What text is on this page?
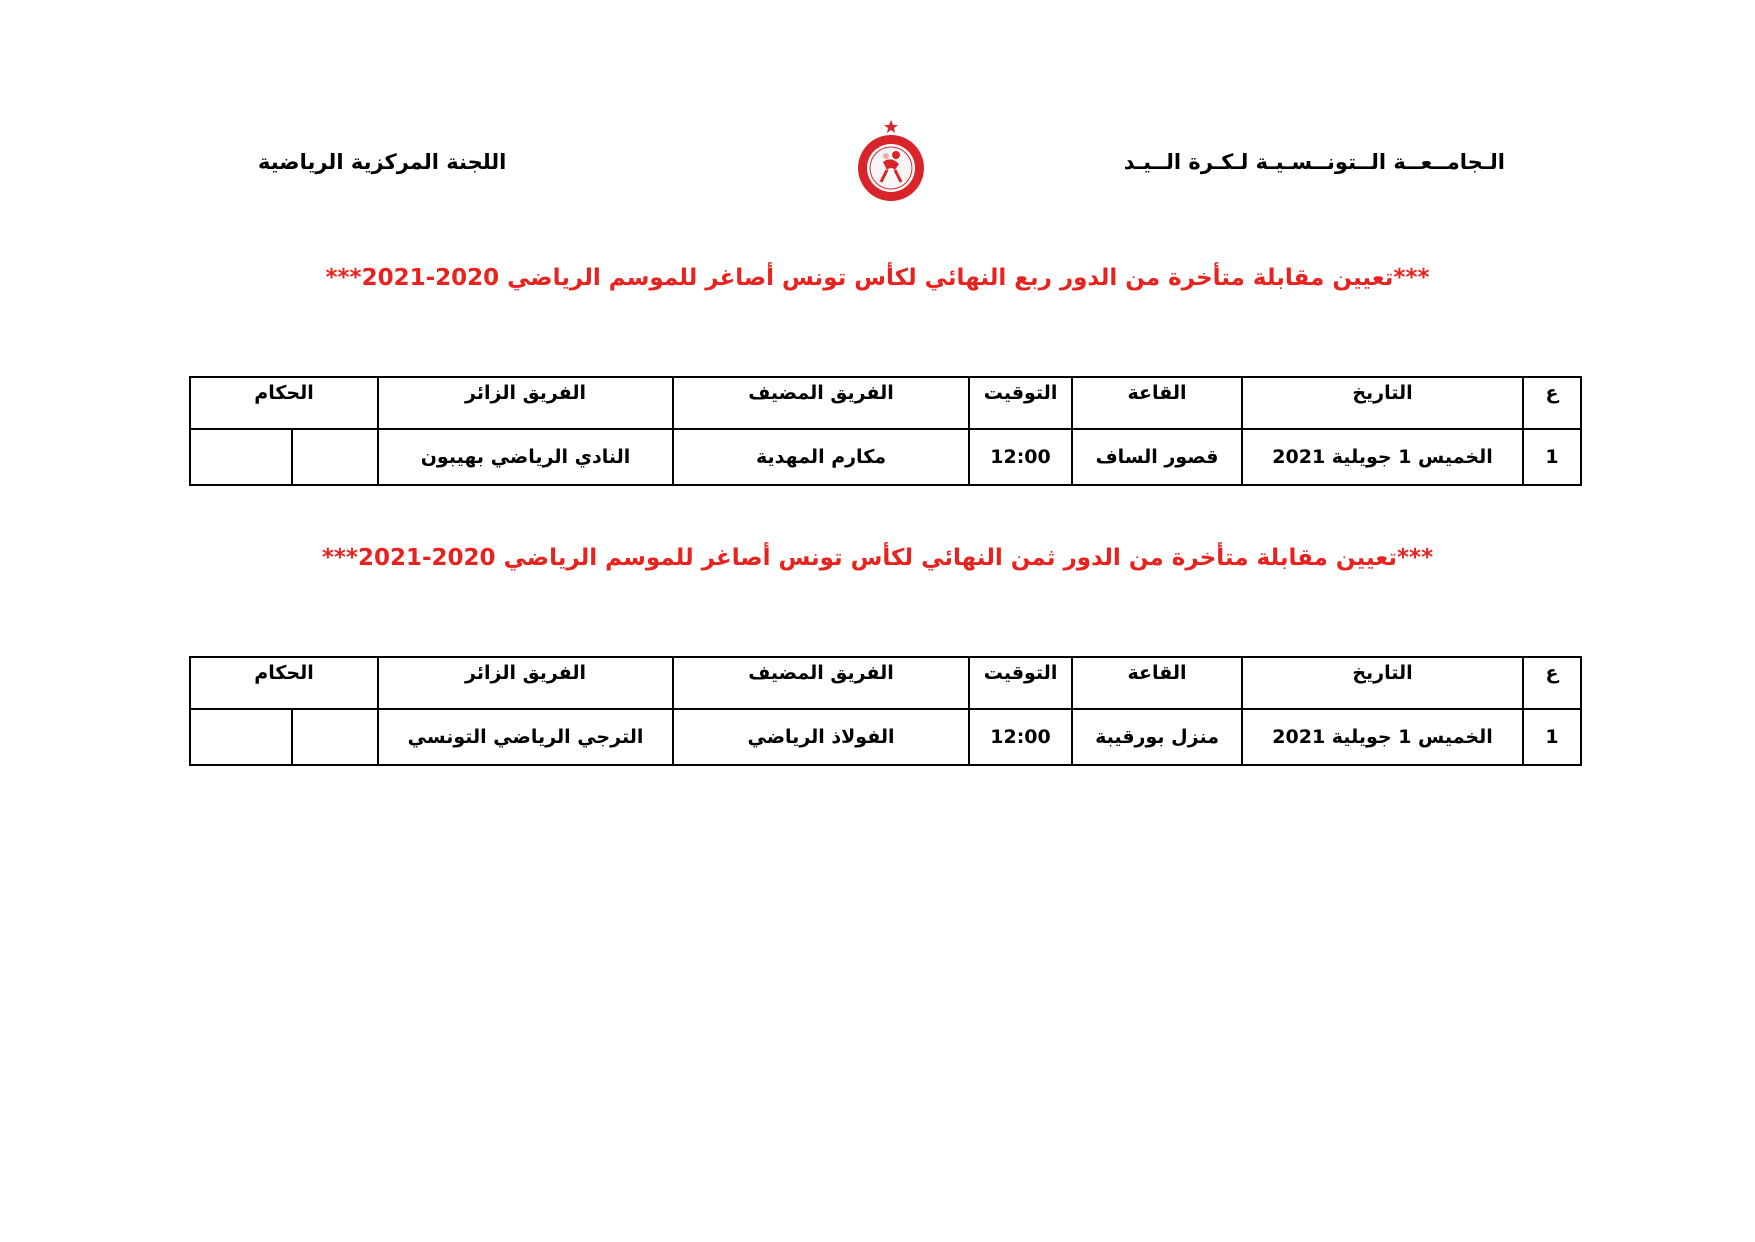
الـجامــعــة الــتونــسـيـة لـكـرة الــيـد
اللجنة المركزية الرياضية
***تعيين مقابلة متأخرة من الدور ربع النهائي لكأس تونس أصاغر للموسم الرياضي 2020-2021***
ع	التاريخ	القاعة	التوقيت	الفريق المضيف	الفريق الزائر	الحكام	
1	الخميس 1 جويلية 2021	قصور الساف	12:00	مكارم المهدية	النادي الرياضي بهيبون		
***تعيين مقابلة متأخرة من الدور ثمن النهائي لكأس تونس أصاغر للموسم الرياضي 2020-2021***
ع	التاريخ	القاعة	التوقيت	الفريق المضيف	الفريق الزائر	الحكام	
1	الخميس 1 جويلية 2021	منزل بورقيبة	12:00	الفولاذ الرياضي	الترجي الرياضي التونسي		
